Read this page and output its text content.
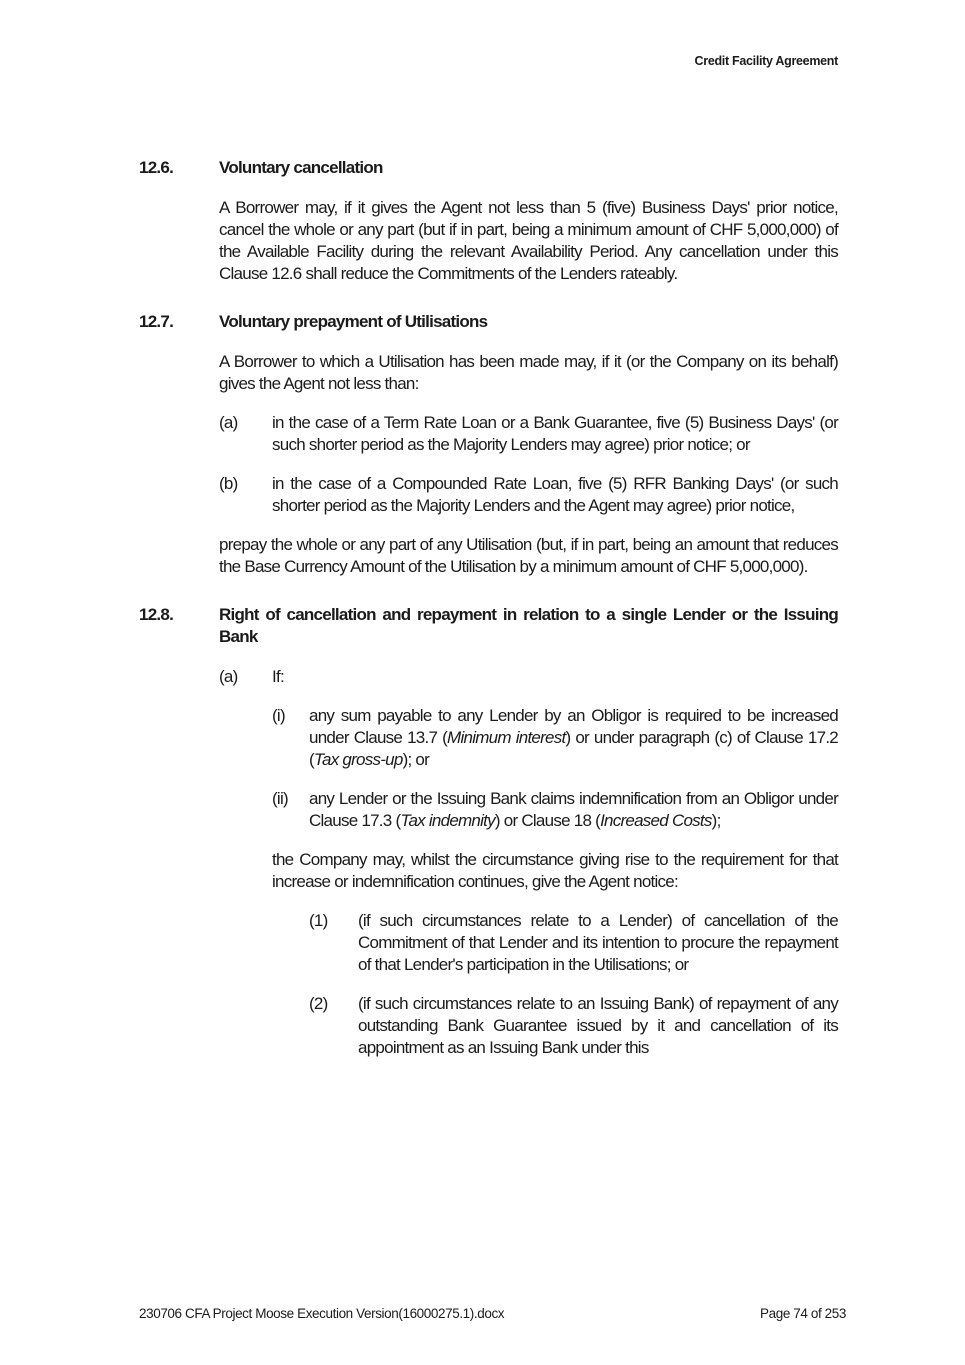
Credit Facility Agreement
12.6.	Voluntary cancellation
A Borrower may, if it gives the Agent not less than 5 (five) Business Days' prior notice, cancel the whole or any part (but if in part, being a minimum amount of CHF 5,000,000) of the Available Facility during the relevant Availability Period. Any cancellation under this Clause 12.6 shall reduce the Commitments of the Lenders rateably.
12.7.	Voluntary prepayment of Utilisations
A Borrower to which a Utilisation has been made may, if it (or the Company on its behalf) gives the Agent not less than:
(a)	in the case of a Term Rate Loan or a Bank Guarantee, five (5) Business Days' (or such shorter period as the Majority Lenders may agree) prior notice; or
(b)	in the case of a Compounded Rate Loan, five (5) RFR Banking Days' (or such shorter period as the Majority Lenders and the Agent may agree) prior notice,
prepay the whole or any part of any Utilisation (but, if in part, being an amount that reduces the Base Currency Amount of the Utilisation by a minimum amount of CHF 5,000,000).
12.8.	Right of cancellation and repayment in relation to a single Lender or the Issuing Bank
(a)	If:
(i)	any sum payable to any Lender by an Obligor is required to be increased under Clause 13.7 (Minimum interest) or under paragraph (c) of Clause 17.2 (Tax gross-up); or
(ii)	any Lender or the Issuing Bank claims indemnification from an Obligor under Clause 17.3 (Tax indemnity) or Clause 18 (Increased Costs);
the Company may, whilst the circumstance giving rise to the requirement for that increase or indemnification continues, give the Agent notice:
(1)	(if such circumstances relate to a Lender) of cancellation of the Commitment of that Lender and its intention to procure the repayment of that Lender's participation in the Utilisations; or
(2)	(if such circumstances relate to an Issuing Bank) of repayment of any outstanding Bank Guarantee issued by it and cancellation of its appointment as an Issuing Bank under this
230706 CFA Project Moose Execution Version(16000275.1).docx	Page 74 of 253
